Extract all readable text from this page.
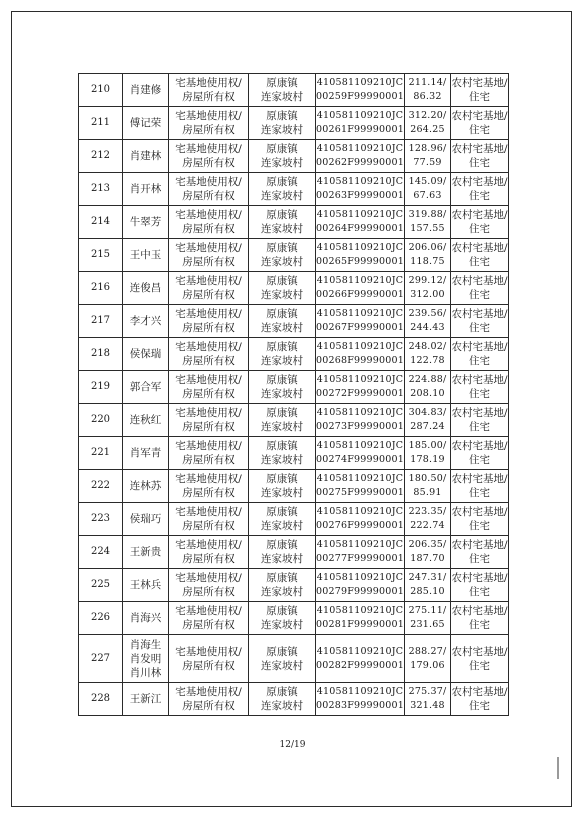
210	肖建修	宅基地使用权/
房屋所有权	原康镇
连家坡村	410581109210JC
00259F99990001	211.14/
86.32	农村宅基地/
住宅
211	傅记荣	宅基地使用权/
房屋所有权	原康镇
连家坡村	410581109210JC
00261F99990001	312.20/
264.25	农村宅基地/
住宅
212	肖建林	宅基地使用权/
房屋所有权	原康镇
连家坡村	410581109210JC
00262F99990001	128.96/
77.59	农村宅基地/
住宅
213	肖开林	宅基地使用权/
房屋所有权	原康镇
连家坡村	410581109210JC
00263F99990001	145.09/
67.63	农村宅基地/
住宅
214	牛翠芳	宅基地使用权/
房屋所有权	原康镇
连家坡村	410581109210JC
00264F99990001	319.88/
157.55	农村宅基地/
住宅
215	王中玉	宅基地使用权/
房屋所有权	原康镇
连家坡村	410581109210JC
00265F99990001	206.06/
118.75	农村宅基地/
住宅
216	连俊昌	宅基地使用权/
房屋所有权	原康镇
连家坡村	410581109210JC
00266F99990001	299.12/
312.00	农村宅基地/
住宅
217	李才兴	宅基地使用权/
房屋所有权	原康镇
连家坡村	410581109210JC
00267F99990001	239.56/
244.43	农村宅基地/
住宅
218	侯保瑞	宅基地使用权/
房屋所有权	原康镇
连家坡村	410581109210JC
00268F99990001	248.02/
122.78	农村宅基地/
住宅
219	郭合军	宅基地使用权/
房屋所有权	原康镇
连家坡村	410581109210JC
00272F99990001	224.88/
208.10	农村宅基地/
住宅
220	连秋红	宅基地使用权/
房屋所有权	原康镇
连家坡村	410581109210JC
00273F99990001	304.83/
287.24	农村宅基地/
住宅
221	肖军青	宅基地使用权/
房屋所有权	原康镇
连家坡村	410581109210JC
00274F99990001	185.00/
178.19	农村宅基地/
住宅
222	连林苏	宅基地使用权/
房屋所有权	原康镇
连家坡村	410581109210JC
00275F99990001	180.50/
85.91	农村宅基地/
住宅
223	侯瑞巧	宅基地使用权/
房屋所有权	原康镇
连家坡村	410581109210JC
00276F99990001	223.35/
222.74	农村宅基地/
住宅
224	王新贵	宅基地使用权/
房屋所有权	原康镇
连家坡村	410581109210JC
00277F99990001	206.35/
187.70	农村宅基地/
住宅
225	王林兵	宅基地使用权/
房屋所有权	原康镇
连家坡村	410581109210JC
00279F99990001	247.31/
285.10	农村宅基地/
住宅
226	肖海兴	宅基地使用权/
房屋所有权	原康镇
连家坡村	410581109210JC
00281F99990001	275.11/
231.65	农村宅基地/
住宅
227	肖海生
肖发明
肖川林	宅基地使用权/
房屋所有权	原康镇
连家坡村	410581109210JC
00282F99990001	288.27/
179.06	农村宅基地/
住宅
228	王新江	宅基地使用权/
房屋所有权	原康镇
连家坡村	410581109210JC
00283F99990001	275.37/
321.48	农村宅基地/
住宅
12/19
